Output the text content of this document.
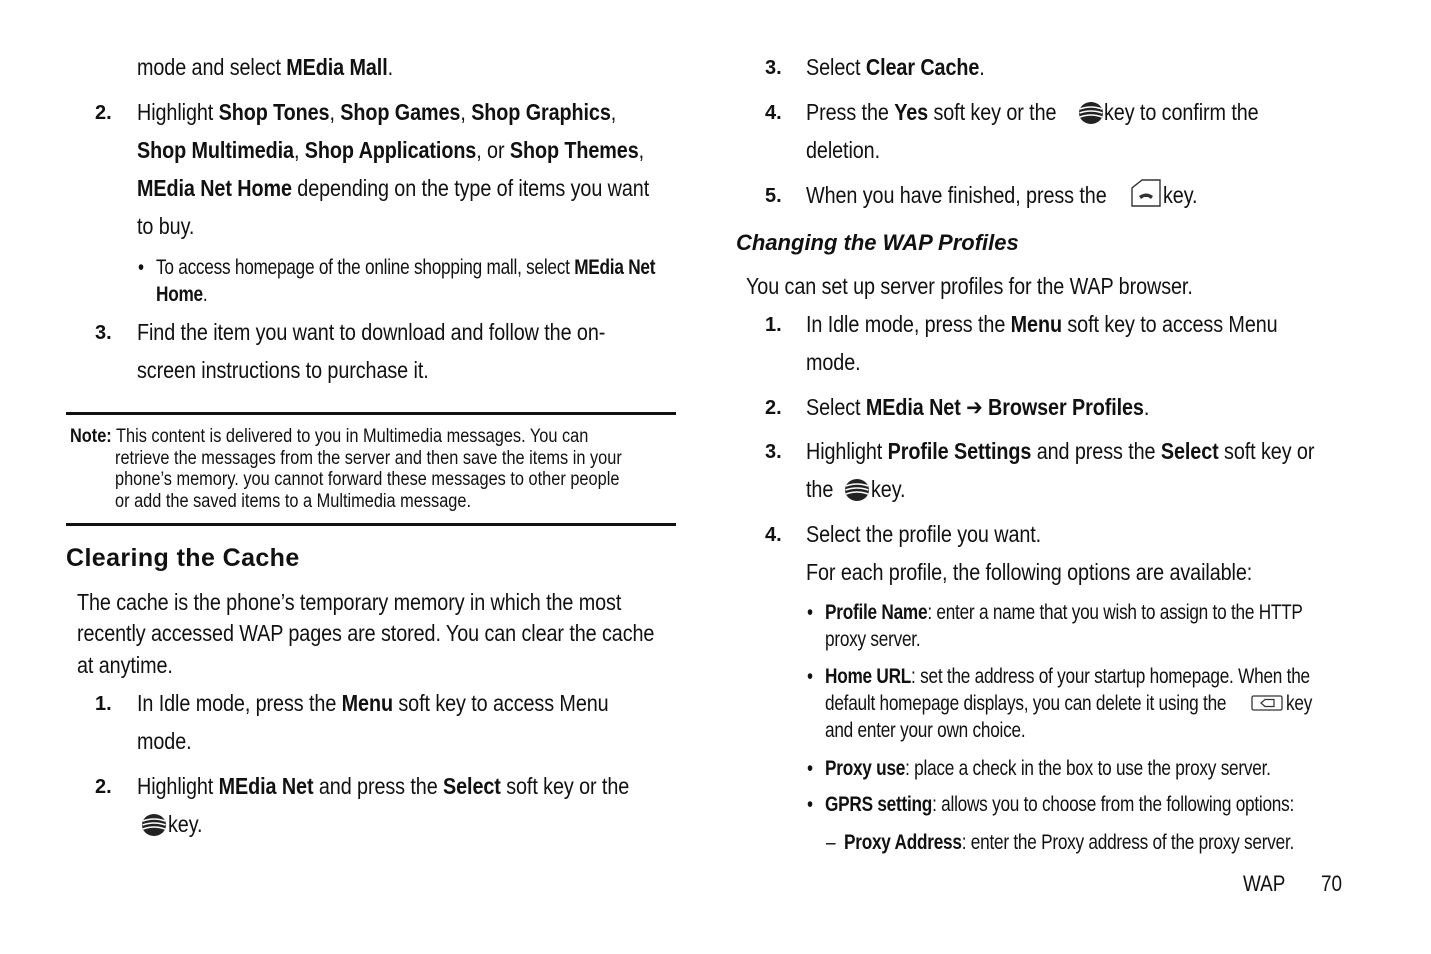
mode and select MEdia Mall.
2. Highlight Shop Tones, Shop Games, Shop Graphics,
Shop Multimedia, Shop Applications, or Shop Themes,
MEdia Net Home depending on the type of items you want
to buy.
• To access homepage of the online shopping mall, select MEdia Net
Home.
3. Find the item you want to download and follow the on-
screen instructions to purchase it.
Note: This content is delivered to you in Multimedia messages. You can
retrieve the messages from the server and then save the items in your
phone’s memory. you cannot forward these messages to other people
or add the saved items to a Multimedia message.
Clearing the Cache
The cache is the phone’s temporary memory in which the most
recently accessed WAP pages are stored. You can clear the cache
at anytime.
1. In Idle mode, press the Menu soft key to access Menu
mode.
2. Highlight MEdia Net and press the Select soft key or the
key.
3. Select Clear Cache.
4. Press the Yes soft key or the key to confirm the
deletion.
5. When you have finished, press the key.
Changing the WAP Profiles
You can set up server profiles for the WAP browser.
1. In Idle mode, press the Menu soft key to access Menu
mode.
2. Select MEdia Net ➔ Browser Profiles.
3. Highlight Profile Settings and press the Select soft key or
the key.
4. Select the profile you want.
For each profile, the following options are available:
• Profile Name: enter a name that you wish to assign to the HTTP
proxy server.
• Home URL: set the address of your startup homepage. When the
default homepage displays, you can delete it using the	key
and enter your own choice.
• Proxy use: place a check in the box to use the proxy server.
• GPRS setting: allows you to choose from the following options:
– Proxy Address: enter the Proxy address of the proxy server.
WAP 70
